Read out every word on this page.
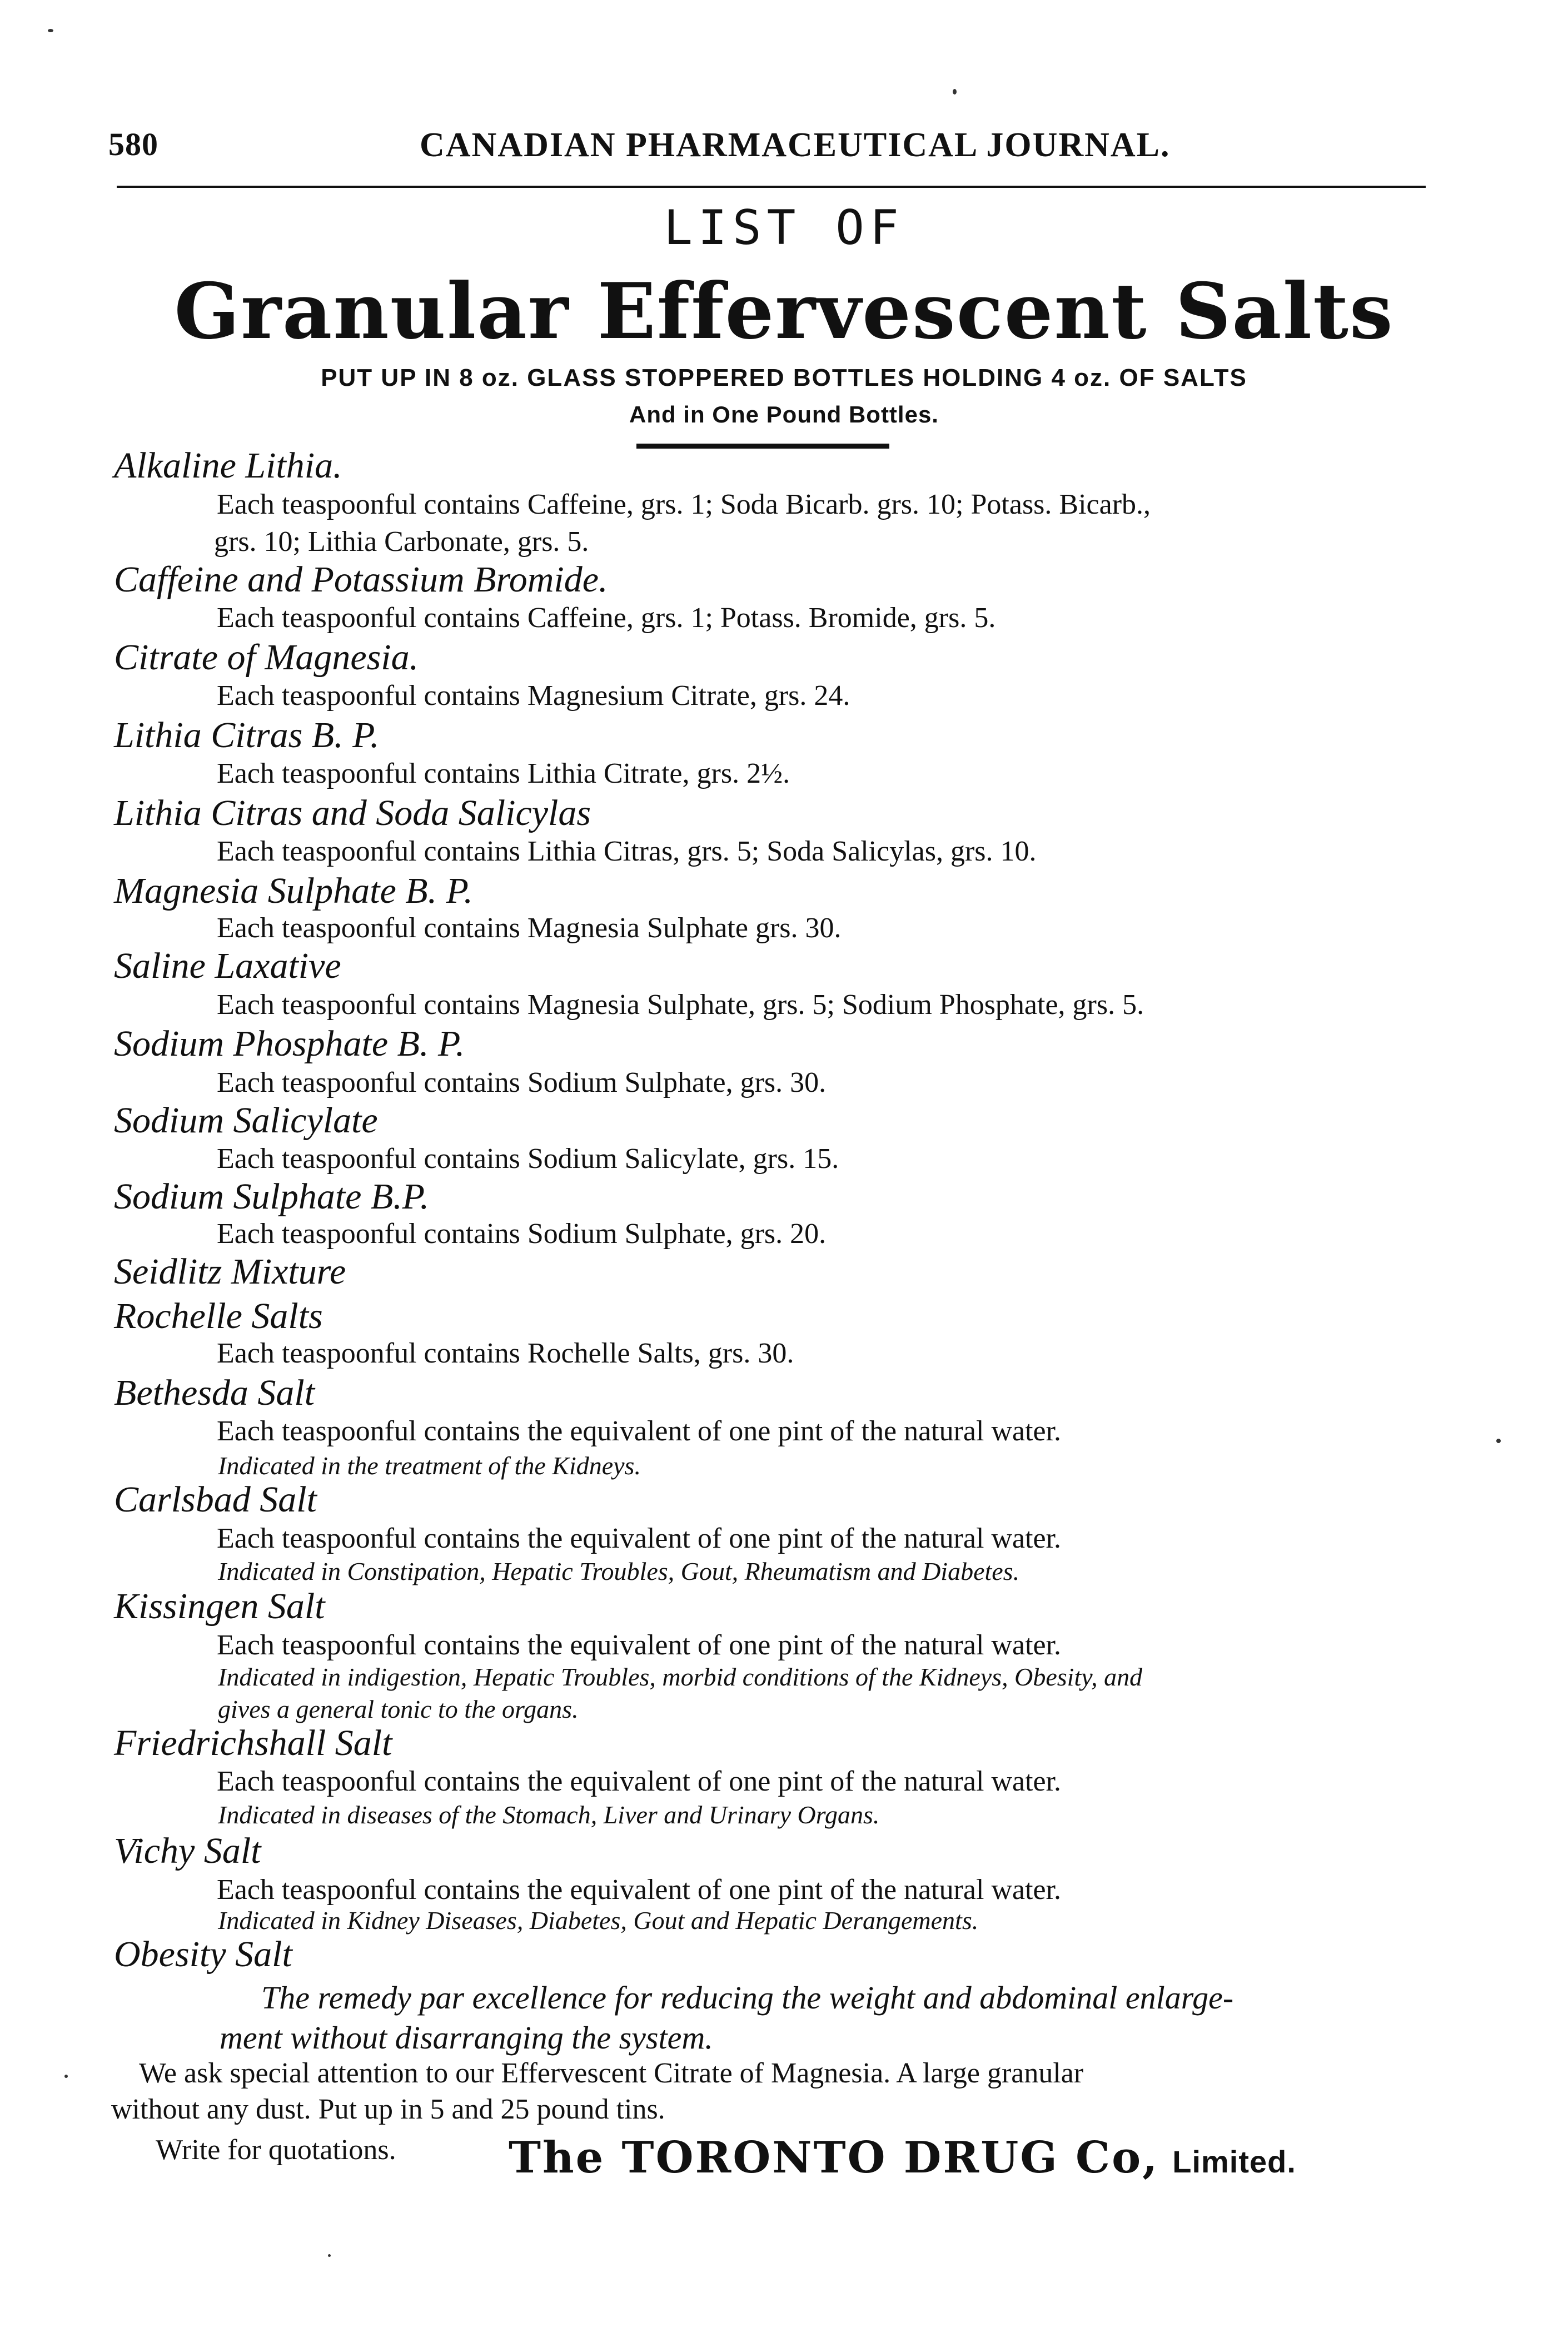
580	CANADIAN PHARMACEUTICAL JOURNAL.
LIST OF
Granular Effervescent Salts
PUT UP IN 8 oz. GLASS STOPPERED BOTTLES HOLDING 4 oz. OF SALTS
And in One Pound Bottles.
Alkaline Lithia.
Each teaspoonful contains Caffeine, grs. 1; Soda Bicarb. grs. 10; Potass. Bicarb.,
grs. 10; Lithia Carbonate, grs. 5.
Caffeine and Potassium Bromide.
Each teaspoonful contains Caffeine, grs. 1; Potass. Bromide, grs. 5.
Citrate of Magnesia.
Each teaspoonful contains Magnesium Citrate, grs. 24.
Lithia Citras B. P.
Each teaspoonful contains Lithia Citrate, grs. 2½.
Lithia Citras and Soda Salicylas
Each teaspoonful contains Lithia Citras, grs. 5; Soda Salicylas, grs. 10.
Magnesia Sulphate B. P.
Each teaspoonful contains Magnesia Sulphate grs. 30.
Saline Laxative
Each teaspoonful contains Magnesia Sulphate, grs. 5; Sodium Phosphate, grs. 5.
Sodium Phosphate B. P.
Each teaspoonful contains Sodium Sulphate, grs. 30.
Sodium Salicylate
Each teaspoonful contains Sodium Salicylate, grs. 15.
Sodium Sulphate B.P.
Each teaspoonful contains Sodium Sulphate, grs. 20.
Seidlitz Mixture
Rochelle Salts
Each teaspoonful contains Rochelle Salts, grs. 30.
Bethesda Salt
Each teaspoonful contains the equivalent of one pint of the natural water.
Indicated in the treatment of the Kidneys.
Carlsbad Salt
Each teaspoonful contains the equivalent of one pint of the natural water.
Indicated in Constipation, Hepatic Troubles, Gout, Rheumatism and Diabetes.
Kissingen Salt
Each teaspoonful contains the equivalent of one pint of the natural water.
Indicated in indigestion, Hepatic Troubles, morbid conditions of the Kidneys, Obesity, and
gives a general tonic to the organs.
Friedrichshall Salt
Each teaspoonful contains the equivalent of one pint of the natural water.
Indicated in diseases of the Stomach, Liver and Urinary Organs.
Vichy Salt
Each teaspoonful contains the equivalent of one pint of the natural water.
Indicated in Kidney Diseases, Diabetes, Gout and Hepatic Derangements.
Obesity Salt
The remedy par excellence for reducing the weight and abdominal enlarge-
ment without disarranging the system.
We ask special attention to our Effervescent Citrate of Magnesia. A large granular
without any dust. Put up in 5 and 25 pound tins.
Write for quotations.	The TORONTO DRUG Co, Limited.
